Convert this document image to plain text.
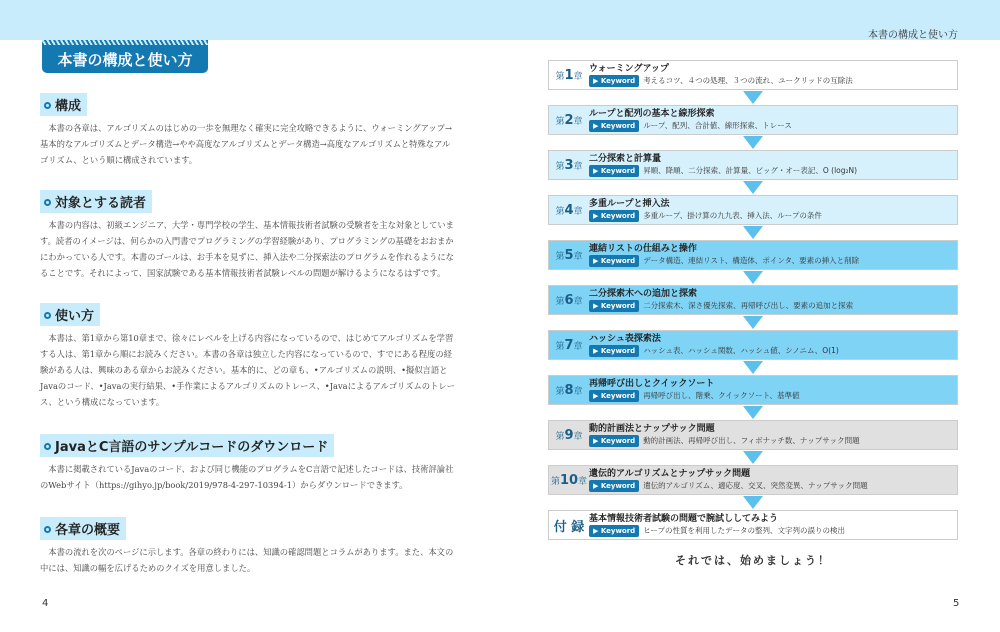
本書の構成と使い方
本書の構成と使い方
構成
本書の各章は、アルゴリズムのはじめの一歩を無理なく確実に完全攻略できるように、ウォーミングアップ→基本的なアルゴリズムとデータ構造→やや高度なアルゴリズムとデータ構造→高度なアルゴリズムと特殊なアルゴリズム、という順に構成されています。
対象とする読者
本書の内容は、初級エンジニア、大学・専門学校の学生、基本情報技術者試験の受験者を主な対象としています。読者のイメージは、何らかの入門書でプログラミングの学習経験があり、プログラミングの基礎をおおまかにわかっている人です。本書のゴールは、お手本を見ずに、挿入法や二分探索法のプログラムを作れるようになることです。それによって、国家試験である基本情報技術者試験レベルの問題が解けるようになるはずです。
使い方
本書は、第1章から第10章まで、徐々にレベルを上げる内容になっているので、はじめてアルゴリズムを学習する人は、第1章から順にお読みください。本書の各章は独立した内容になっているので、すでにある程度の経験がある人は、興味のある章からお読みください。基本的に、どの章も、•アルゴリズムの説明、•擬似言語とJavaのコード、•Javaの実行結果、•手作業によるアルゴリズムのトレース、•Javaによるアルゴリズムのトレース、という構成になっています。
JavaとC言語のサンプルコードのダウンロード
本書に掲載されているJavaのコード、および同じ機能のプログラムをC言語で記述したコードは、技術評論社のWebサイト（https://gihyo.jp/book/2019/978-4-297-10394-1）からダウンロードできます。
各章の概要
本書の流れを次のページに示します。各章の終わりには、知識の確認問題とコラムがあります。また、本文の中には、知識の幅を広げるためのクイズを用意しました。
第1章
ウォーミングアップ
▶ Keyword 考えるコツ、４つの処理、３つの流れ、ユークリッドの互除法
第2章
ループと配列の基本と線形探索
▶ Keyword ループ、配列、合計値、線形探索、トレース
第3章
二分探索と計算量
▶ Keyword 昇順、降順、二分探索、計算量、ビッグ・オー表記、O (log₂N)
第4章
多重ループと挿入法
▶ Keyword 多重ループ、掛け算の九九表、挿入法、ループの条件
第5章
連結リストの仕組みと操作
▶ Keyword データ構造、連結リスト、構造体、ポインタ、要素の挿入と削除
第6章
二分探索木への追加と探索
▶ Keyword 二分探索木、深さ優先探索、再帰呼び出し、要素の追加と探索
第7章
ハッシュ表探索法
▶ Keyword ハッシュ表、ハッシュ関数、ハッシュ値、シノニム、O(1)
第8章
再帰呼び出しとクイックソート
▶ Keyword 再帰呼び出し、階乗、クイックソート、基準値
第9章
動的計画法とナップサック問題
▶ Keyword 動的計画法、再帰呼び出し、フィボナッチ数、ナップサック問題
第10章
遺伝的アルゴリズムとナップサック問題
▶ Keyword 遺伝的アルゴリズム、適応度、交叉、突然変異、ナップサック問題
付 録
基本情報技術者試験の問題で腕試ししてみよう
▶ Keyword ヒープの性質を利用したデータの整列、文字列の誤りの検出
それでは、始めましょう！
4	5
